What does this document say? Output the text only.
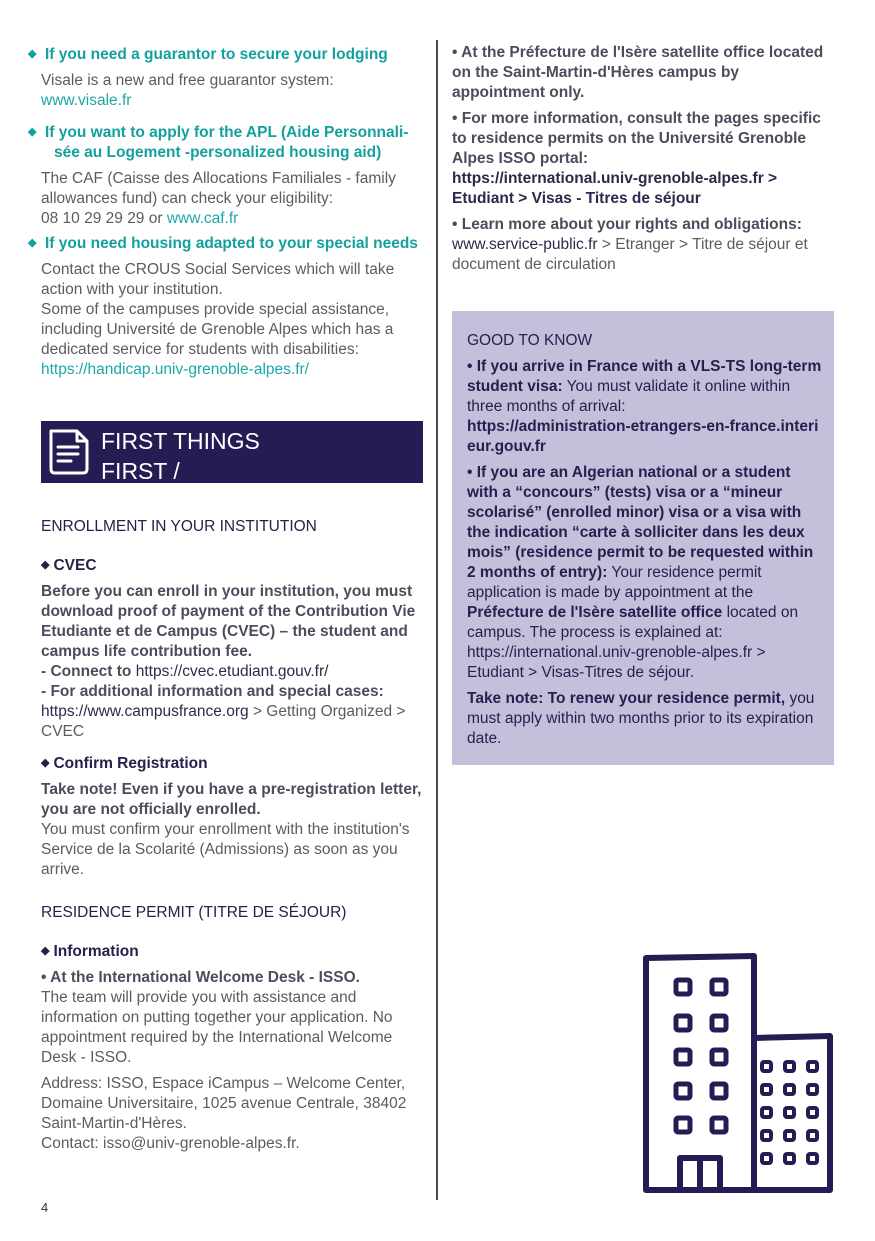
◆ If you need a guarantor to secure your lodging
Visale is a new and free guarantor system:
www.visale.fr
◆ If you want to apply for the APL (Aide Personnali-sée au Logement -personalized housing aid)
The CAF (Caisse des Allocations Familiales - family allowances fund) can check your eligibility:
08 10 29 29 29 or www.caf.fr
◆ If you need housing adapted to your special needs
Contact the CROUS Social Services which will take action with your institution.
Some of the campuses provide special assistance, including Université de Grenoble Alpes which has a dedicated service for students with disabilities:
https://handicap.univ-grenoble-alpes.fr/
FIRST THINGS
FIRST /
ENROLLMENT IN YOUR INSTITUTION
◆ CVEC
Before you can enroll in your institution, you must download proof of payment of the Contribution Vie Etudiante et de Campus (CVEC) – the student and campus life contribution fee.
- Connect to https://cvec.etudiant.gouv.fr/
- For additional information and special cases:
https://www.campusfrance.org > Getting Organized > CVEC
◆ Confirm Registration
Take note! Even if you have a pre-registration letter, you are not officially enrolled.
You must confirm your enrollment with the institution's Service de la Scolarité (Admissions) as soon as you arrive.
RESIDENCE PERMIT (TITRE DE SÉJOUR)
◆ Information
• At the International Welcome Desk - ISSO.
The team will provide you with assistance and information on putting together your application. No appointment required by the International Welcome Desk - ISSO.
Address: ISSO, Espace iCampus – Welcome Center, Domaine Universitaire, 1025 avenue Centrale, 38402 Saint-Martin-d'Hères.
Contact: isso@univ-grenoble-alpes.fr.
• At the Préfecture de l'Isère satellite office located on the Saint-Martin-d'Hères campus by appointment only.
• For more information, consult the pages specific to residence permits on the Université Grenoble Alpes ISSO portal:
https://international.univ-grenoble-alpes.fr > Etudiant > Visas - Titres de séjour
• Learn more about your rights and obligations:
www.service-public.fr > Etranger > Titre de séjour et document de circulation
GOOD TO KNOW
• If you arrive in France with a VLS-TS long-term student visa: You must validate it online within three months of arrival:
https://administration-etrangers-en-france.interieur.gouv.fr
• If you are an Algerian national or a student with a “concours” (tests) visa or a “mineur scolarisé” (enrolled minor) visa or a visa with the indication “carte à solliciter dans les deux mois” (residence permit to be requested within 2 months of entry): Your residence permit application is made by appointment at the Préfecture de l'Isère satellite office located on campus. The process is explained at: https://international.univ-grenoble-alpes.fr > Etudiant > Visas-Titres de séjour.
Take note: To renew your residence permit, you must apply within two months prior to its expiration date.
4
